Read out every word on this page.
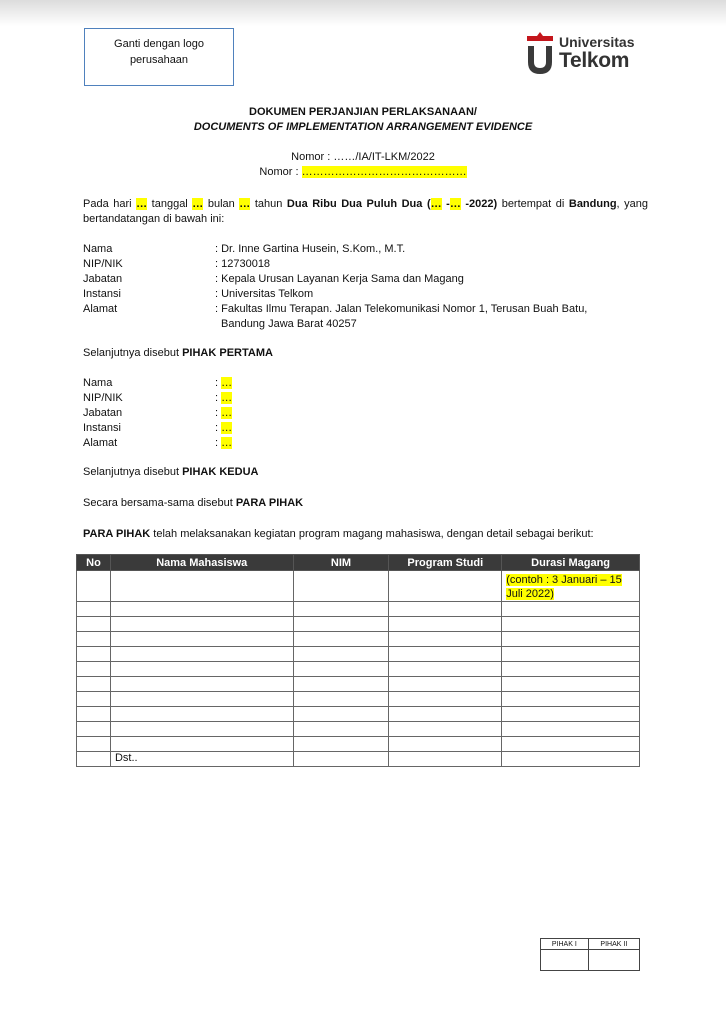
Ganti dengan logo
perusahaan
Universitas
Telkom
DOKUMEN PERJANJIAN PERLAKSANAAN/
DOCUMENTS OF IMPLEMENTATION ARRANGEMENT EVIDENCE
Nomor : ……/IA/IT-LKM/2022
Nomor : ………………………………………
Pada hari … tanggal … bulan … tahun Dua Ribu Dua Puluh Dua (… -… -2022) bertempat di Bandung, yang bertandatangan di bawah ini:
Nama	: Dr. Inne Gartina Husein, S.Kom., M.T.
NIP/NIK	: 12730018
Jabatan	: Kepala Urusan Layanan Kerja Sama dan Magang
Instansi	: Universitas Telkom
Alamat	: Fakultas Ilmu Terapan. Jalan Telekomunikasi Nomor 1, Terusan Buah Batu,
Bandung Jawa Barat 40257
Selanjutnya disebut PIHAK PERTAMA
Nama	: …
NIP/NIK	: …
Jabatan	: …
Instansi	: …
Alamat	: …
Selanjutnya disebut PIHAK KEDUA
Secara bersama-sama disebut PARA PIHAK
PARA PIHAK telah melaksanakan kegiatan program magang mahasiswa, dengan detail sebagai berikut:
No	Nama Mahasiswa	NIM	Program Studi	Durasi Magang
				(contoh : 3 Januari – 15 Juli 2022)

	Dst..			
PIHAK I	PIHAK II
